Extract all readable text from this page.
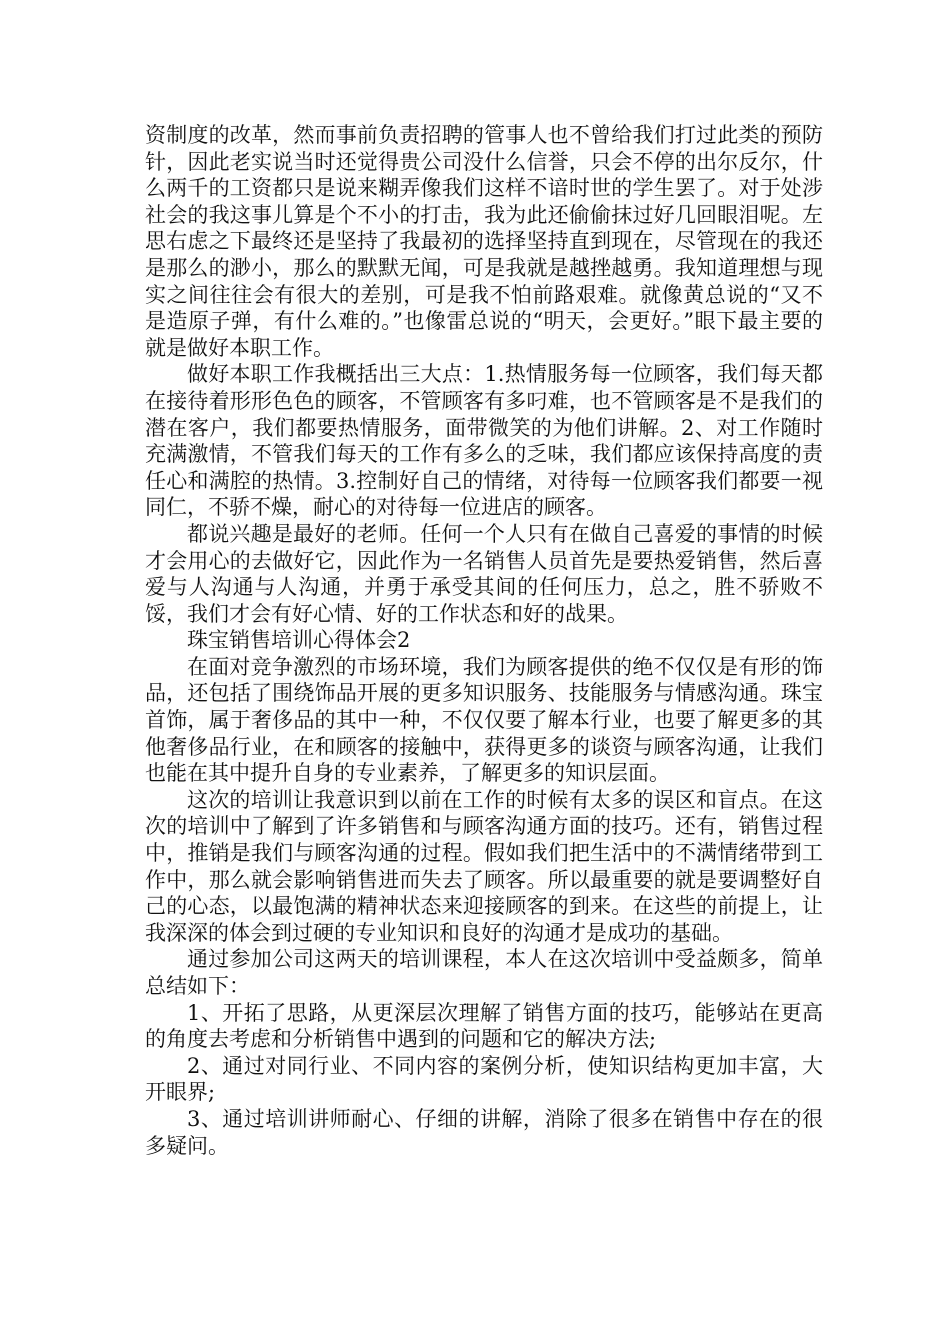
资制度的改革，然而事前负责招聘的管事人也不曾给我们打过此类的预防针，因此老实说当时还觉得贵公司没什么信誉，只会不停的出尔反尔，什么两千的工资都只是说来糊弄像我们这样不谙时世的学生罢了。对于处涉社会的我这事儿算是个不小的打击，我为此还偷偷抹过好几回眼泪呢。左思右虑之下最终还是坚持了我最初的选择坚持直到现在，尽管现在的我还是那么的渺小，那么的默默无闻，可是我就是越挫越勇。我知道理想与现实之间往往会有很大的差别，可是我不怕前路艰难。就像黄总说的“又不是造原子弹，有什么难的。”也像雷总说的“明天，会更好。”眼下最主要的就是做好本职工作。

做好本职工作我概括出三大点：1.热情服务每一位顾客，我们每天都在接待着形形色色的顾客，不管顾客有多叼难，也不管顾客是不是我们的潜在客户，我们都要热情服务，面带微笑的为他们讲解。2、对工作随时充满激情，不管我们每天的工作有多么的乏味，我们都应该保持高度的责任心和满腔的热情。3.控制好自己的情绪，对待每一位顾客我们都要一视同仁，不骄不燥，耐心的对待每一位进店的顾客。

都说兴趣是最好的老师。任何一个人只有在做自己喜爱的事情的时候才会用心的去做好它，因此作为一名销售人员首先是要热爱销售，然后喜爱与人沟通与人沟通，并勇于承受其间的任何压力，总之，胜不骄败不馁，我们才会有好心情、好的工作状态和好的战果。

珠宝销售培训心得体会2

在面对竞争激烈的市场环境，我们为顾客提供的绝不仅仅是有形的饰品，还包括了围绕饰品开展的更多知识服务、技能服务与情感沟通。珠宝首饰，属于奢侈品的其中一种，不仅仅要了解本行业，也要了解更多的其他奢侈品行业，在和顾客的接触中，获得更多的谈资与顾客沟通，让我们也能在其中提升自身的专业素养，了解更多的知识层面。

这次的培训让我意识到以前在工作的时候有太多的误区和盲点。在这次的培训中了解到了许多销售和与顾客沟通方面的技巧。还有，销售过程中，推销是我们与顾客沟通的过程。假如我们把生活中的不满情绪带到工作中，那么就会影响销售进而失去了顾客。所以最重要的就是要调整好自己的心态，以最饱满的精神状态来迎接顾客的到来。在这些的前提上，让我深深的体会到过硬的专业知识和良好的沟通才是成功的基础。

通过参加公司这两天的培训课程，本人在这次培训中受益颇多，简单总结如下：

1、开拓了思路，从更深层次理解了销售方面的技巧，能够站在更高的角度去考虑和分析销售中遇到的问题和它的解决方法;

2、通过对同行业、不同内容的案例分析，使知识结构更加丰富，大开眼界;

3、通过培训讲师耐心、仔细的讲解，消除了很多在销售中存在的很多疑问。
